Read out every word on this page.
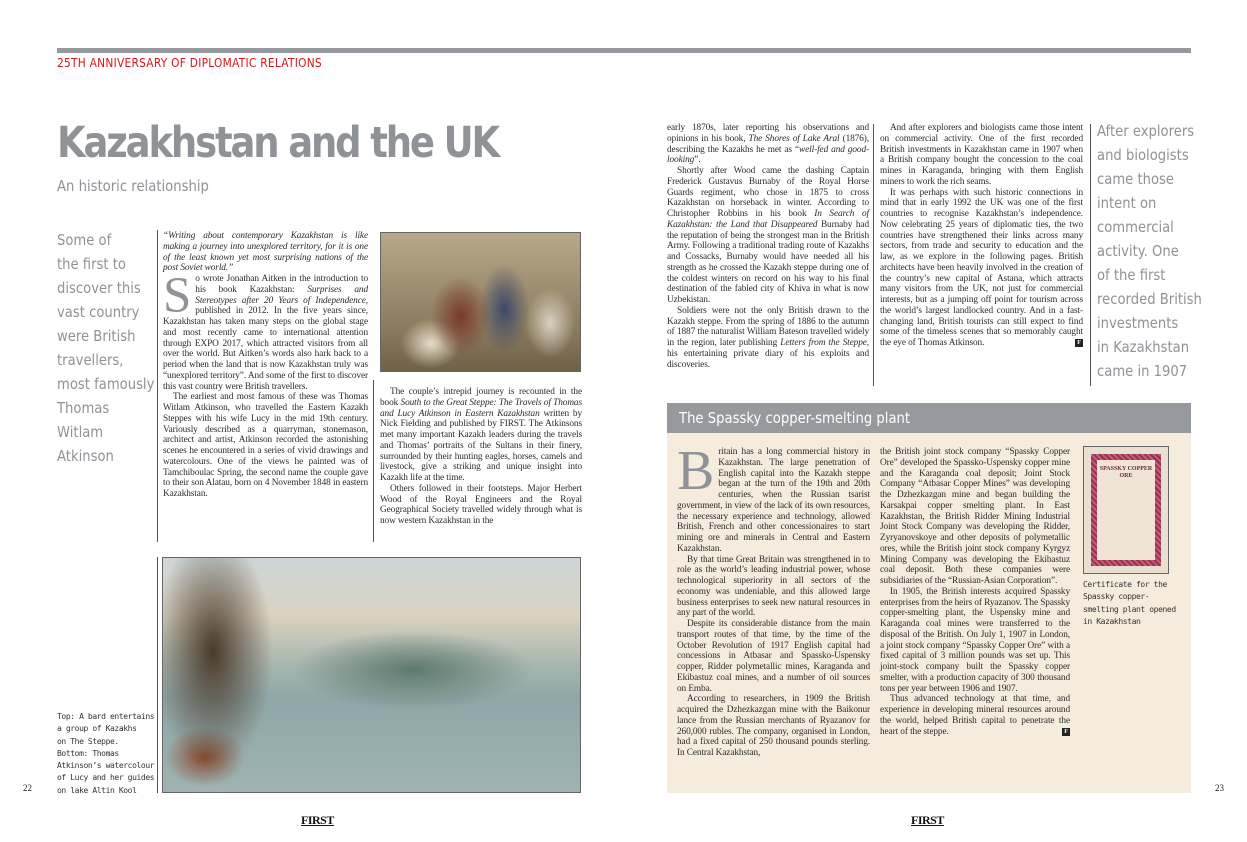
25TH ANNIVERSARY OF DIPLOMATIC RELATIONS
Kazakhstan and the UK
An historic relationship
Some of
the first to
discover this
vast country
were British
travellers,
most famously
Thomas
Witlam
Atkinson

“Writing about contemporary Kazakhstan is like making a journey into unexplored territory, for it is one of the least known yet most surprising nations of the post Soviet world.”

So wrote Jonathan Aitken in the introduction to his book Kazakhstan: Surprises and Stereotypes after 20 Years of Independence, published in 2012. In the five years since, Kazakhstan has taken many steps on the global stage and most recently came to international attention through EXPO 2017, which attracted visitors from all over the world. But Aitken’s words also hark back to a period when the land that is now Kazakhstan truly was “unexplored territory”. And some of the first to discover this vast country were British travellers.

The earliest and most famous of these was Thomas Witlam Atkinson, who travelled the Eastern Kazakh Steppes with his wife Lucy in the mid 19th century. Variously described as a quarryman, stonemason, architect and artist, Atkinson recorded the astonishing scenes he encountered in a series of vivid drawings and watercolours. One of the views he painted was of Tamchiboulac Spring, the second name the couple gave to their son Alatau, born on 4 November 1848 in eastern Kazakhstan.

The couple’s intrepid journey is recounted in the book South to the Great Steppe: The Travels of Thomas and Lucy Atkinson in Eastern Kazakhstan written by Nick Fielding and published by FIRST. The Atkinsons met many important Kazakh leaders during the travels and Thomas’ portraits of the Sultans in their finery, surrounded by their hunting eagles, horses, camels and livestock, give a striking and unique insight into Kazakh life at the time.

Others followed in their footsteps. Major Herbert Wood of the Royal Engineers and the Royal Geographical Society travelled widely through what is now western Kazakhstan in the

Top: A bard entertains
a group of Kazakhs
on The Steppe.
Bottom: Thomas
Atkinson’s watercolour
of Lucy and her guides
on lake Altin Kool
22
FIRST

early 1870s, later reporting his observations and opinions in his book, The Shores of Lake Aral (1876), describing the Kazakhs he met as “well-fed and good-looking”.

Shortly after Wood came the dashing Captain Frederick Gustavus Burnaby of the Royal Horse Guards regiment, who chose in 1875 to cross Kazakhstan on horseback in winter. According to Christopher Robbins in his book In Search of Kazakhstan: the Land that Disappeared Burnaby had the reputation of being the strongest man in the British Army. Following a traditional trading route of Kazakhs and Cossacks, Burnaby would have needed all his strength as he crossed the Kazakh steppe during one of the coldest winters on record on his way to his final destination of the fabled city of Khiva in what is now Uzbekistan.

Soldiers were not the only British drawn to the Kazakh steppe. From the spring of 1886 to the autumn of 1887 the naturalist William Bateson travelled widely in the region, later publishing Letters from the Steppe, his entertaining private diary of his exploits and discoveries.

And after explorers and biologists came those intent on commercial activity. One of the first recorded British investments in Kazakhstan came in 1907 when a British company bought the concession to the coal mines in Karaganda, bringing with them English miners to work the rich seams.

It was perhaps with such historic connections in mind that in early 1992 the UK was one of the first countries to recognise Kazakhstan’s independence. Now celebrating 25 years of diplomatic ties, the two countries have strengthened their links across many sectors, from trade and security to education and the law, as we explore in the following pages. British architects have been heavily involved in the creation of the country’s new capital of Astana, which attracts many visitors from the UK, not just for commercial interests, but as a jumping off point for tourism across the world’s largest landlocked country. And in a fast-changing land, British tourists can still expect to find some of the timeless scenes that so memorably caught the eye of Thomas Atkinson.	F

The Spassky copper-smelting plant
After explorers
and biologists
came those
intent on
commercial
activity. One
of the first
recorded British
investments
in Kazakhstan
came in 1907

Britain has a long commercial history in Kazakhstan. The large penetration of English capital into the Kazakh steppe began at the turn of the 19th and 20th centuries, when the Russian tsarist government, in view of the lack of its own resources, the necessary experience and technology, allowed British, French and other concessionaires to start mining ore and minerals in Central and Eastern Kazakhstan.

By that time Great Britain was strengthened in to role as the world’s leading industrial power, whose technological superiority in all sectors of the economy was undeniable, and this allowed large business enterprises to seek new natural resources in any part of the world.

Despite its considerable distance from the main transport routes of that time, by the time of the October Revolution of 1917 English capital had concessions in Atbasar and Spassko-Uspensky copper, Ridder polymetallic mines, Karaganda and Ekibastuz coal mines, and a number of oil sources on Emba.

According to researchers, in 1909 the British acquired the Dzhezkazgan mine with the Baikonur lance from the Russian merchants of Ryazanov for 260,000 rubles. The company, organised in London, had a fixed capital of 250 thousand pounds sterling. In Central Kazakhstan,

the British joint stock company “Spassky Copper Ore” developed the Spassko-Uspensky copper mine and the Karaganda coal deposit; Joint Stock Company “Atbasar Copper Mines” was developing the Dzhezkazgan mine and began building the Karsakpai copper smelting plant. In East Kazakhstan, the British Ridder Mining Industrial Joint Stock Company was developing the Ridder, Zyryanovskoye and other deposits of polymetallic ores, while the British joint stock company Kyrgyz Mining Company was developing the Ekibastuz coal deposit. Both these companies were subsidiaries of the “Russian-Asian Corporation”.

In 1905, the British interests acquired Spassky enterprises from the heirs of Ryazanov. The Spassky copper-smelting plant, the Uspensky mine and Karaganda coal mines were transferred to the disposal of the British. On July 1, 1907 in London, a joint stock company “Spassky Copper Ore” with a fixed capital of 3 million pounds was set up. This joint-stock company built the Spassky copper smelter, with a production capacity of 300 thousand tons per year between 1906 and 1907.

Thus advanced technology at that time, and experience in developing mineral resources around the world, helped British capital to penetrate the heart of the steppe.	F

SPASSKY COPPER ORE
Certificate for the
Spassky copper-
smelting plant opened
in Kazakhstan
23
FIRST
